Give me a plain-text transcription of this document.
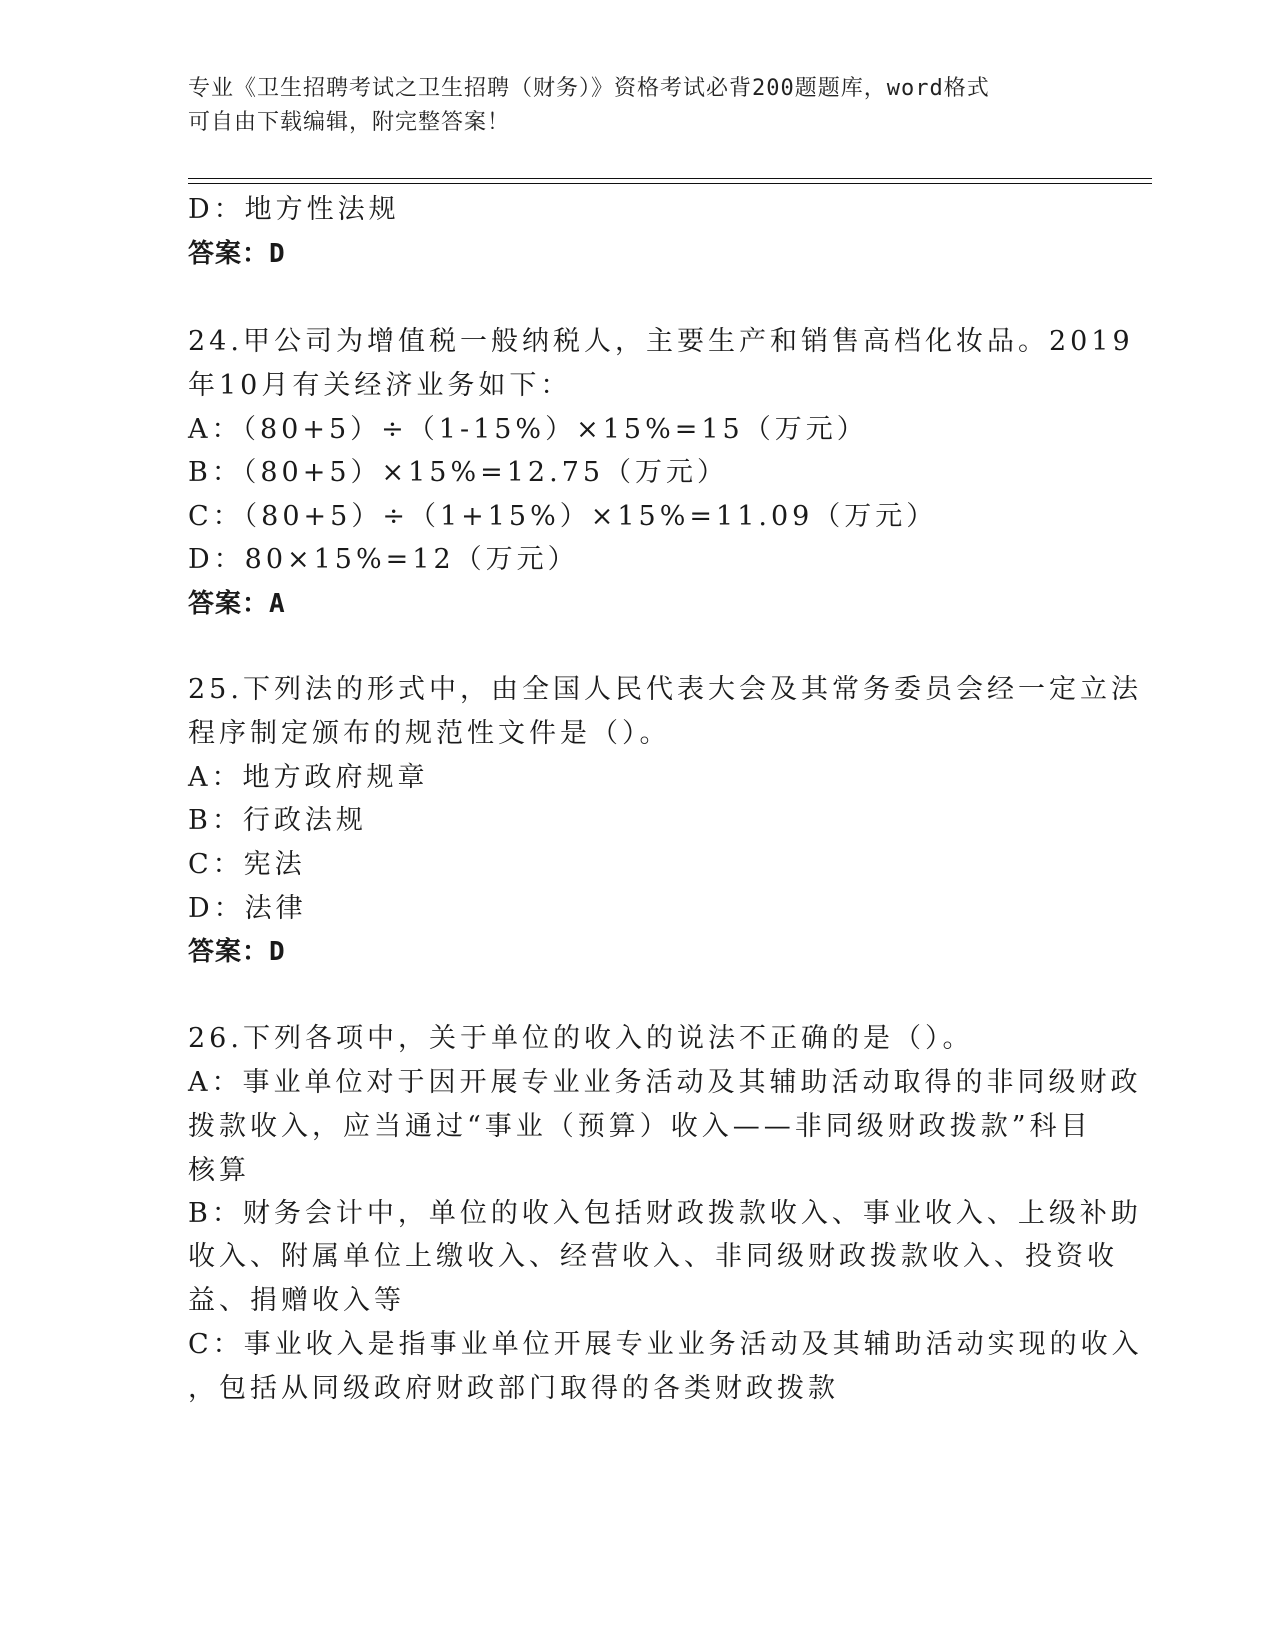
专业《卫生招聘考试之卫生招聘（财务）》资格考试必背200题题库，word格式
可自由下载编辑，附完整答案！
D：地方性法规
答案：D
24.甲公司为增值税一般纳税人，主要生产和销售高档化妆品。2019
年10月有关经济业务如下：
A：（80+5）÷（1-15%）×15%=15（万元）
B：（80+5）×15%=12.75（万元）
C：（80+5）÷（1+15%）×15%=11.09（万元）
D：80×15%=12（万元）
答案：A
25.下列法的形式中，由全国人民代表大会及其常务委员会经一定立法
程序制定颁布的规范性文件是（）。
A：地方政府规章
B：行政法规
C：宪法
D：法律
答案：D
26.下列各项中，关于单位的收入的说法不正确的是（）。
A：事业单位对于因开展专业业务活动及其辅助活动取得的非同级财政
拨款收入，应当通过“事业（预算）收入——非同级财政拨款”科目
核算
B：财务会计中，单位的收入包括财政拨款收入、事业收入、上级补助
收入、附属单位上缴收入、经营收入、非同级财政拨款收入、投资收
益、捐赠收入等
C：事业收入是指事业单位开展专业业务活动及其辅助活动实现的收入
，包括从同级政府财政部门取得的各类财政拨款
